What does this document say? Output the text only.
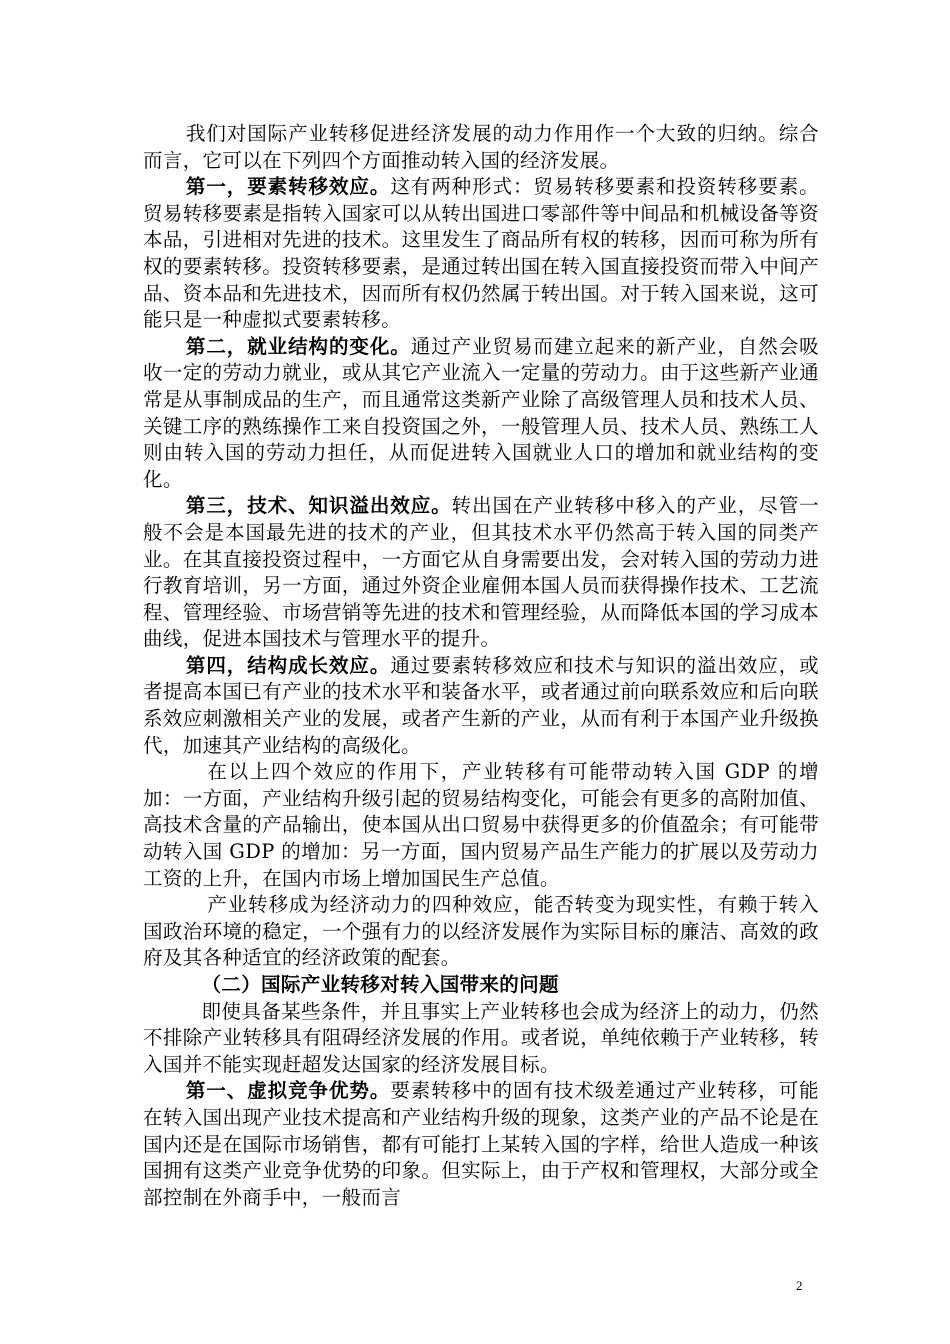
我们对国际产业转移促进经济发展的动力作用作一个大致的归纳。综合而言，它可以在下列四个方面推动转入国的经济发展。

第一，要素转移效应。这有两种形式：贸易转移要素和投资转移要素。贸易转移要素是指转入国家可以从转出国进口零部件等中间品和机械设备等资本品，引进相对先进的技术。这里发生了商品所有权的转移，因而可称为所有权的要素转移。投资转移要素，是通过转出国在转入国直接投资而带入中间产品、资本品和先进技术，因而所有权仍然属于转出国。对于转入国来说，这可能只是一种虚拟式要素转移。

第二，就业结构的变化。通过产业贸易而建立起来的新产业，自然会吸收一定的劳动力就业，或从其它产业流入一定量的劳动力。由于这些新产业通常是从事制成品的生产，而且通常这类新产业除了高级管理人员和技术人员、关键工序的熟练操作工来自投资国之外，一般管理人员、技术人员、熟练工人则由转入国的劳动力担任，从而促进转入国就业人口的增加和就业结构的变化。

第三，技术、知识溢出效应。转出国在产业转移中移入的产业，尽管一般不会是本国最先进的技术的产业，但其技术水平仍然高于转入国的同类产业。在其直接投资过程中，一方面它从自身需要出发，会对转入国的劳动力进行教育培训，另一方面，通过外资企业雇佣本国人员而获得操作技术、工艺流程、管理经验、市场营销等先进的技术和管理经验，从而降低本国的学习成本曲线，促进本国技术与管理水平的提升。

第四，结构成长效应。通过要素转移效应和技术与知识的溢出效应，或者提高本国已有产业的技术水平和装备水平，或者通过前向联系效应和后向联系效应刺激相关产业的发展，或者产生新的产业，从而有利于本国产业升级换代，加速其产业结构的高级化。

在以上四个效应的作用下，产业转移有可能带动转入国 GDP 的增加：一方面，产业结构升级引起的贸易结构变化，可能会有更多的高附加值、高技术含量的产品输出，使本国从出口贸易中获得更多的价值盈余；有可能带动转入国 GDP 的增加：另一方面，国内贸易产品生产能力的扩展以及劳动力工资的上升，在国内市场上增加国民生产总值。

产业转移成为经济动力的四种效应，能否转变为现实性，有赖于转入国政治环境的稳定，一个强有力的以经济发展作为实际目标的廉洁、高效的政府及其各种适宜的经济政策的配套。

（二）国际产业转移对转入国带来的问题

即使具备某些条件，并且事实上产业转移也会成为经济上的动力，仍然不排除产业转移具有阻碍经济发展的作用。或者说，单纯依赖于产业转移，转入国并不能实现赶超发达国家的经济发展目标。

第一、虚拟竞争优势。要素转移中的固有技术级差通过产业转移，可能在转入国出现产业技术提高和产业结构升级的现象，这类产业的产品不论是在国内还是在国际市场销售，都有可能打上某转入国的字样，给世人造成一种该国拥有这类产业竞争优势的印象。但实际上，由于产权和管理权，大部分或全部控制在外商手中，一般而言

2
